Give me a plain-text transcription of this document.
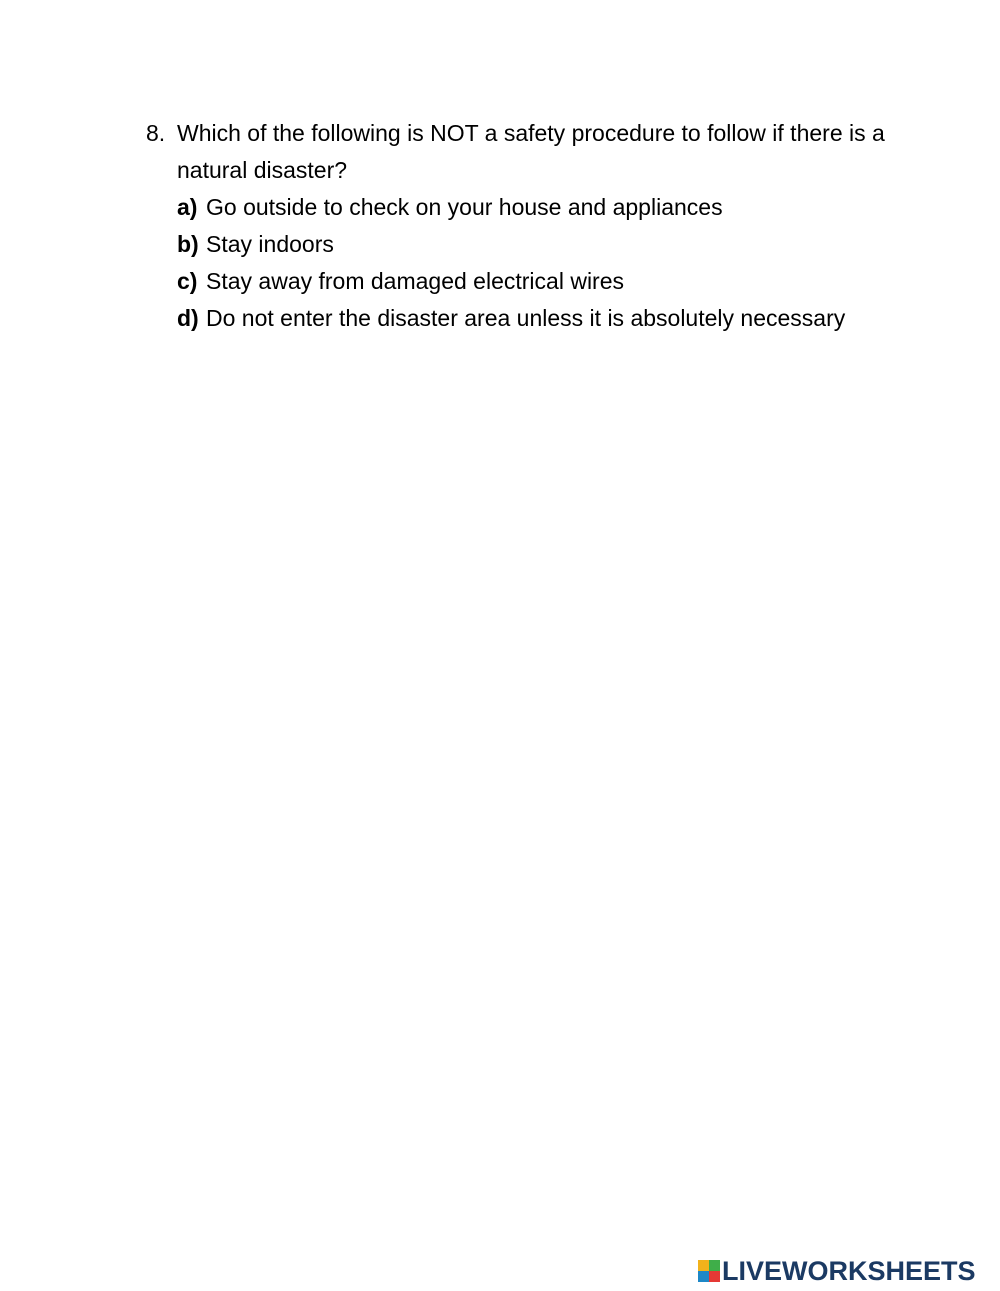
8. Which of the following is NOT a safety procedure to follow if there is a natural disaster?
a) Go outside to check on your house and appliances
b) Stay indoors
c) Stay away from damaged electrical wires
d) Do not enter the disaster area unless it is absolutely necessary
LIVEWORKSHEETS
